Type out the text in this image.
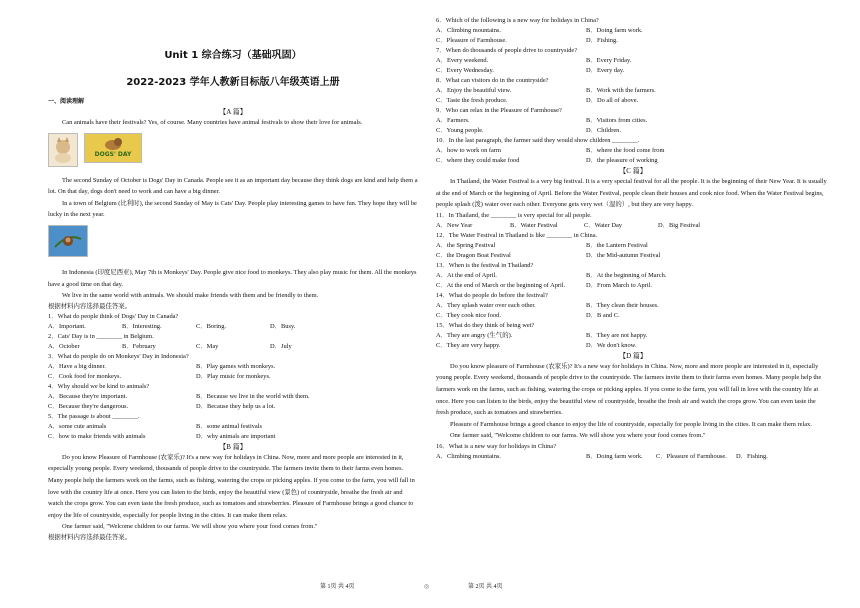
Unit 1 综合练习（基础巩固）
2022-2023 学年人教新目标版八年级英语上册
一、阅读理解
【A 篇】

Can animals have their festivals? Yes, of course. Many countries have animal festivals to show their love for animals.

DOGS' DAY

The second Sunday of October is Dogs' Day in Canada. People see it as an important day because they think dogs are kind and help them a lot. On that day, dogs don't need to work and can have a big dinner.

In a town of Belgium (比利时), the second Sunday of May is Cats' Day. People play interesting games to have fun. They hope they will be lucky in the next year.

In Indonesia (印度尼西亚), May 7th is Monkeys' Day. People give nice food to monkeys. They also play music for them. All the monkeys have a good time on that day.

We live in the same world with animals. We should make friends with them and be friendly to them.

根据材料内容选择最佳答案。
1．What do people think of Dogs' Day in Canada?
A．Important.	B．Interesting.	C．Boring.	D．Busy.
2．Cats' Day is in ________ in Belgium.
A．October	B．February	C．May	D．July
3．What do people do on Monkeys' Day in Indonesia?
A．Have a big dinner.	B．Play games with monkeys.
C．Cook food for monkeys.	D．Play music for monkeys.
4．Why should we be kind to animals?
A．Because they're important.	B．Because we live in the world with them.
C．Because they're dangerous.	D．Because they help us a lot.
5．The passage is about ________.
A．some cute animals	B．some animal festivals
C．how to make friends with animals	D．why animals are important
【B 篇】

Do you know Pleasure of Farmhouse (农家乐)? It's a new way for holidays in China. Now, more and more people are interested in it, especially young people. Every weekend, thousands of people drive to the countryside. The farmers invite them to their farms even homes. Many people help the farmers work on the farms, such as fishing, watering the crops or picking apples. If you come to the farm, you will fall in love with the country life at once. Here you can listen to the birds, enjoy the beautiful view (景色) of countryside, breathe the fresh air and watch the crops grow. You can even taste the fresh produce, such as tomatoes and strawberries. Pleasure of Farmhouse brings a good chance to enjoy the life of countryside, especially for people living in the cities. It can make them relax.

One farmer said, "Welcome children to our farms. We will show you where your food comes from."

根据材料内容选择最佳答案。
6．Which of the following is a new way for holidays in China?
A．Climbing mountains.	B．Doing farm work.
C．Pleasure of Farmhouse.	D．Fishing.
7．When do thousands of people drive to countryside?
A．Every weekend.	B．Every Friday.
C．Every Wednesday.	D．Every day.
8．What can visitors do in the countryside?
A．Enjoy the beautiful view.	B．Work with the farmers.
C．Taste the fresh produce.	D．Do all of above.
9．Who can relax in the Pleasure of Farmhouse?
A．Farmers.	B．Visitors from cities.
C．Young people.	D．Children.
10．In the last paragraph, the farmer said they would show children ________.
A．how to work on farm	B．where the food come from
C．where they could make food	D．the pleasure of working
【C 篇】

In Thailand, the Water Festival is a very big festival. It is a very special festival for all the people. It is the beginning of their New Year. It is usually at the end of March or the beginning of April. Before the Water Festival, people clean their houses and cook nice food. When the Water Festival begins, people splash (泼) water over each other. Everyone gets very wet（湿的）, but they are very happy.

11．In Thailand, the ________ is very special for all people.
A．New Year	B．Water Festival	C．Water Day	D．Big Festival
12．The Water Festival in Thailand is like ________ in China.
A．the Spring Festival	B．the Lantern Festival
C．the Dragon Boat Festival	D．the Mid-autumn Festival
13．When is the festival in Thailand?
A．At the end of April.	B．At the beginning of March.
C．At the end of March or the beginning of April.	D．From March to April.
14．What do people do before the festival?
A．They splash water over each other.	B．They clean their houses.
C．They cook nice food.	D．B and C.
15．What do they think of being wet?
A．They are angry (生气的).	B．They are not happy.
C．They are very happy.	D．We don't know.
【D 篇】

Do you know pleasure of Farmhouse (农家乐)? It's a new way for holidays in China. Now, more and more people are interested in it, especially young people. Every weekend, thousands of people drive to the countryside. The farmers invite them to their farms even homes. Many people help the farmers work on the farms, such as fishing, watering the crops or picking apples. If you come to the farm, you will fall in love with the country life at once. Here you can listen to the birds, enjoy the beautiful view of countryside, breathe the fresh air and watch the crops grow. You can even taste the fresh produce, such as tomatoes and strawberries.

Pleasure of Farmhouse brings a good chance to enjoy the life of countryside, especially for people living in the cities. It can make them relax.

One farmer said, "Welcome children to our farms. We will show you where your food comes from."

16．What is a new way for holidays in China?
A．Climbing mountains.	B．Doing farm work.	C．Pleasure of Farmhouse.	D．Fishing.
第 1页 共 4页	◎	第 2页 共 4页
